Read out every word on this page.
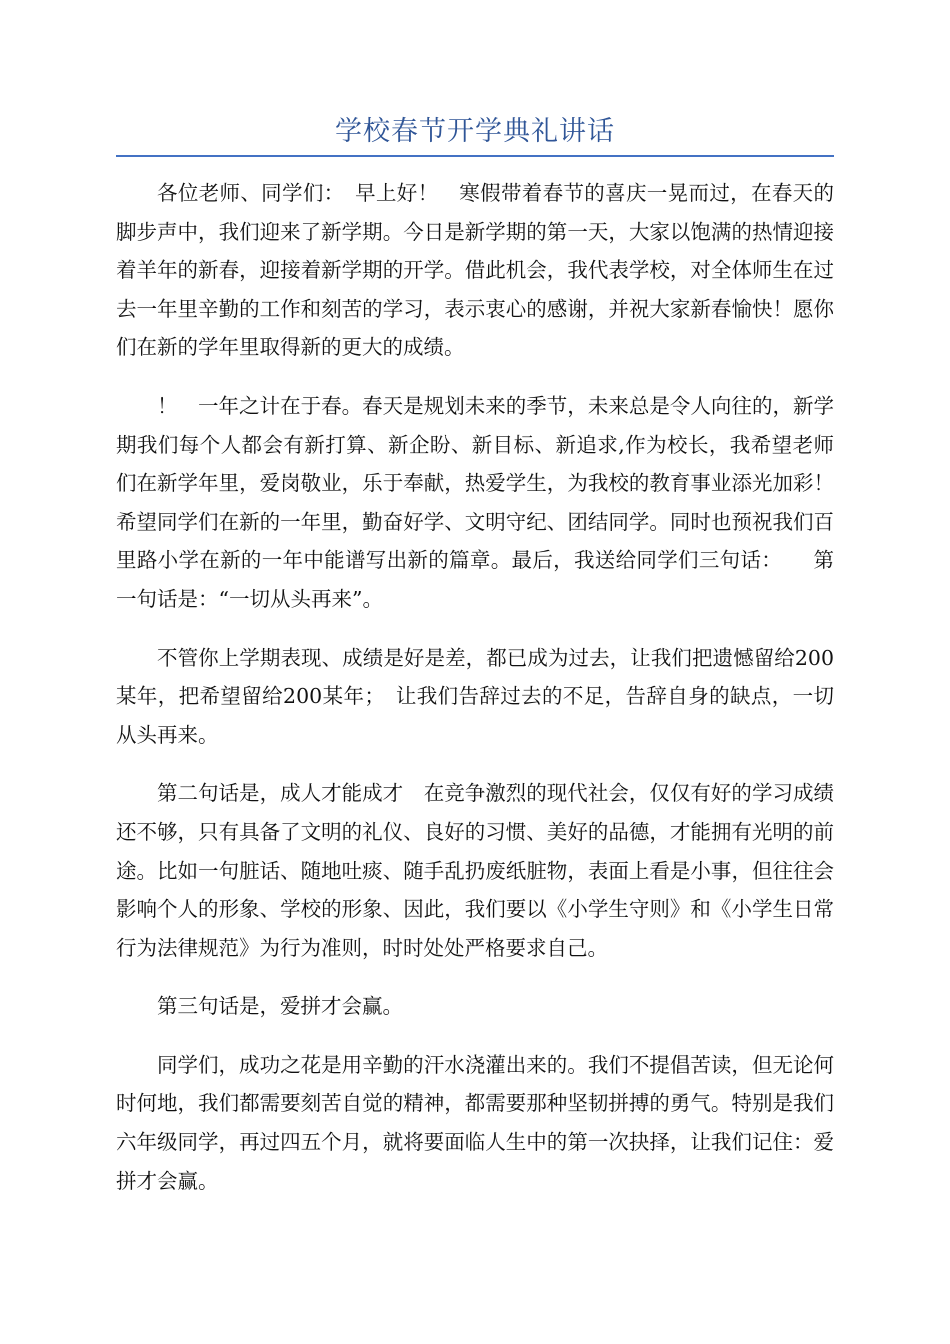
学校春节开学典礼讲话

各位老师、同学们：　早上好！　寒假带着春节的喜庆一晃而过，在春天的脚步声中，我们迎来了新学期。今日是新学期的第一天，大家以饱满的热情迎接着羊年的新春，迎接着新学期的开学。借此机会，我代表学校，对全体师生在过去一年里辛勤的工作和刻苦的学习，表示衷心的感谢，并祝大家新春愉快！愿你们在新的学年里取得新的更大的成绩。

！　一年之计在于春。春天是规划未来的季节，未来总是令人向往的，新学期我们每个人都会有新打算、新企盼、新目标、新追求,作为校长，我希望老师们在新学年里，爱岗敬业，乐于奉献，热爱学生，为我校的教育事业添光加彩！希望同学们在新的一年里，勤奋好学、文明守纪、团结同学。同时也预祝我们百里路小学在新的一年中能谱写出新的篇章。最后，我送给同学们三句话：　　第一句话是：“一切从头再来”。

不管你上学期表现、成绩是好是差，都已成为过去，让我们把遗憾留给200某年，把希望留给200某年；　让我们告辞过去的不足，告辞自身的缺点，一切从头再来。

第二句话是，成人才能成才　在竞争激烈的现代社会，仅仅有好的学习成绩还不够，只有具备了文明的礼仪、良好的习惯、美好的品德，才能拥有光明的前途。比如一句脏话、随地吐痰、随手乱扔废纸脏物，表面上看是小事，但往往会影响个人的形象、学校的形象、因此，我们要以《小学生守则》和《小学生日常行为法律规范》为行为准则，时时处处严格要求自己。

第三句话是，爱拼才会赢。

同学们，成功之花是用辛勤的汗水浇灌出来的。我们不提倡苦读，但无论何时何地，我们都需要刻苦自觉的精神，都需要那种坚韧拼搏的勇气。特别是我们六年级同学，再过四五个月，就将要面临人生中的第一次抉择，让我们记住：爱拼才会赢。
